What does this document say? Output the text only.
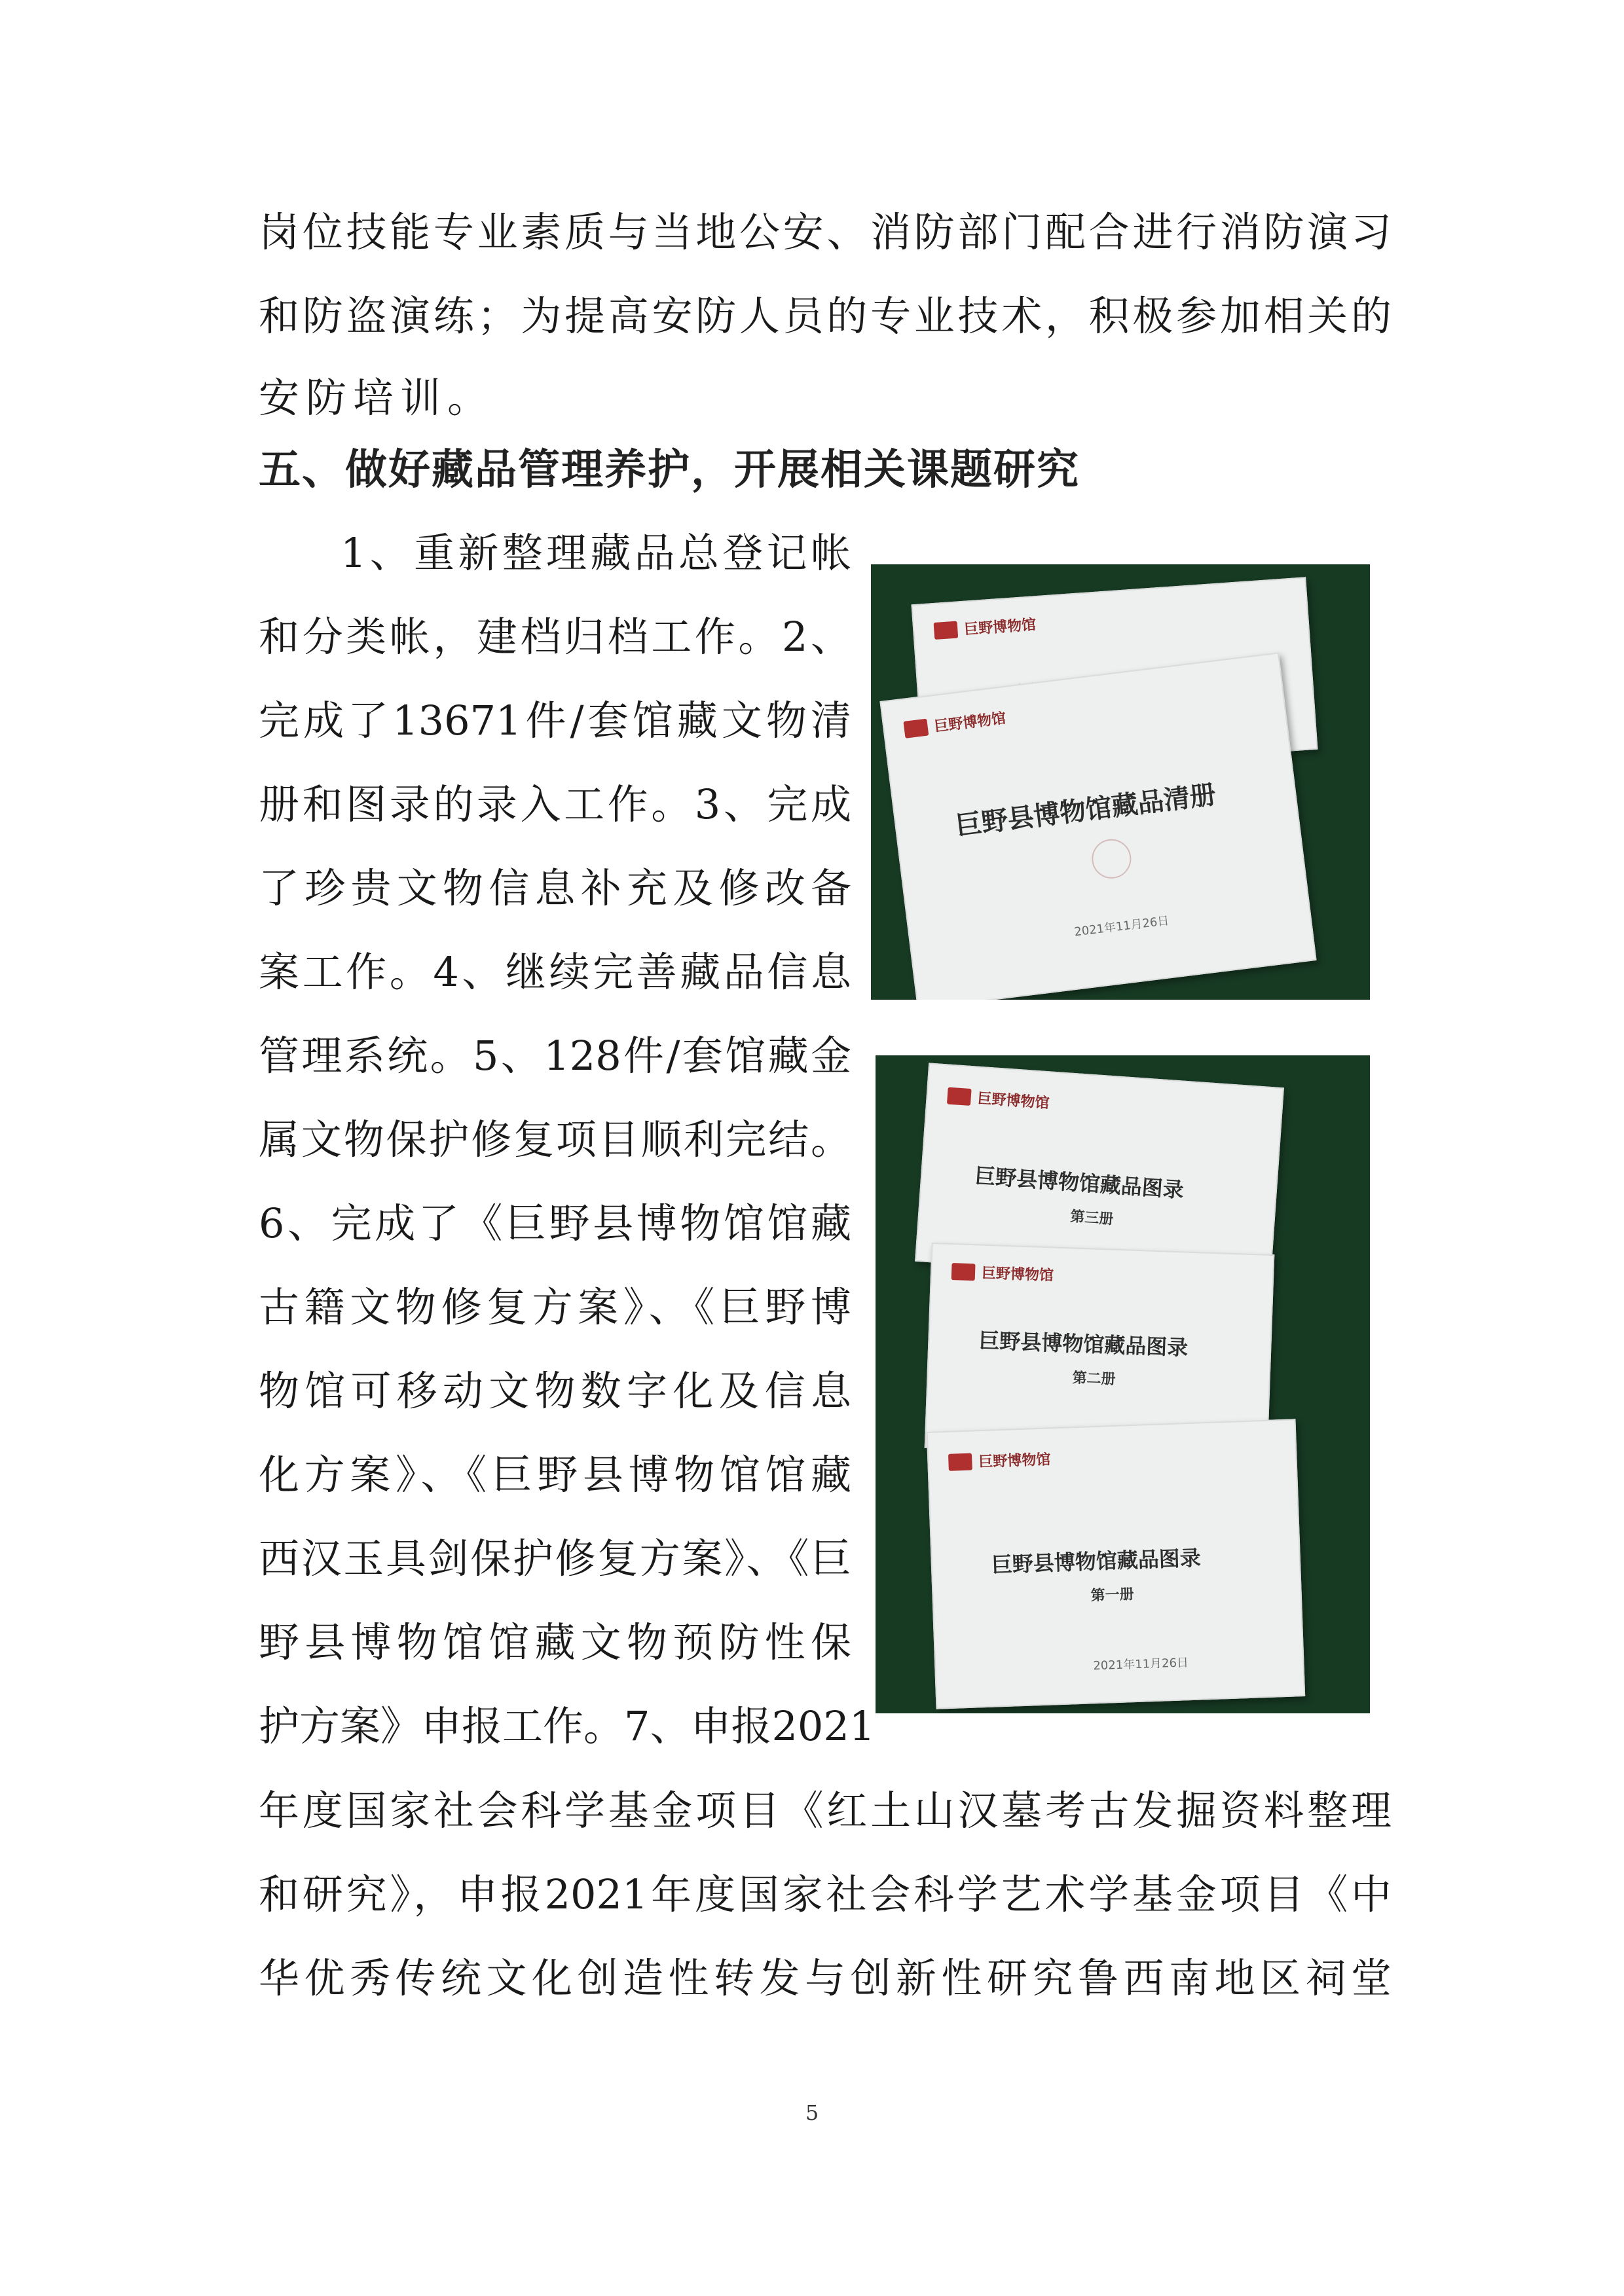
岗位技能专业素质与当地公安、消防部门配合进行消防演习
和防盗演练；为提高安防人员的专业技术，积极参加相关的
安防培训。
五、做好藏品管理养护，开展相关课题研究
1、重新整理藏品总登记帐
和分类帐，建档归档工作。2、
完成了13671件/套馆藏文物清
册和图录的录入工作。3、完成
了珍贵文物信息补充及修改备
案工作。4、继续完善藏品信息
管理系统。5、128件/套馆藏金
属文物保护修复项目顺利完结。
6、完成了《巨野县博物馆馆藏
古籍文物修复方案》、《巨野博
物馆可移动文物数字化及信息
化方案》、《巨野县博物馆馆藏
西汉玉具剑保护修复方案》、《巨
野县博物馆馆藏文物预防性保
护方案》申报工作。7、申报2021
年度国家社会科学基金项目《红土山汉墓考古发掘资料整理
和研究》，申报2021年度国家社会科学艺术学基金项目《中
华优秀传统文化创造性转发与创新性研究鲁西南地区祠堂
巨野博物馆
巨野博物馆
巨野县博物馆藏品清册
2021年11月26日
巨野博物馆
巨野县博物馆藏品图录
第三册
巨野博物馆
巨野县博物馆藏品图录
第二册
巨野博物馆
巨野县博物馆藏品图录
第一册
2021年11月26日
5
